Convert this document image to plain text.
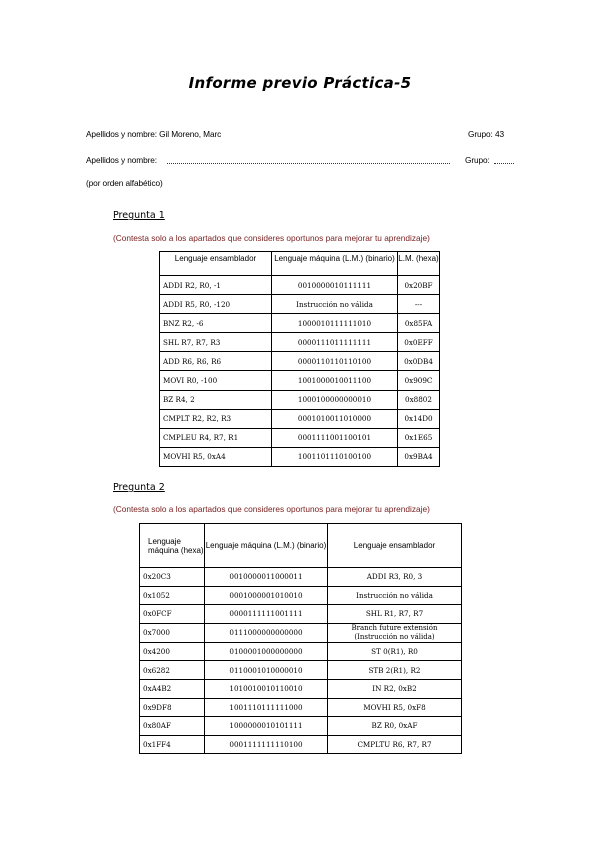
Informe previo Práctica-5
Apellidos y nombre: Gil Moreno, Marc	Grupo: 43
Apellidos y nombre:	Grupo:
(por orden alfabético)
Pregunta 1
(Contesta solo a los apartados que consideres oportunos para mejorar tu aprendizaje)
Lenguaje ensamblador	Lenguaje máquina (L.M.) (binario)	L.M. (hexa)
ADDI R2, R0, -1	0010000010111111	0x20BF
ADDI R5, R0, -120	Instrucción no válida	---
BNZ R2, -6	1000010111111010	0x85FA
SHL R7, R7, R3	0000111011111111	0x0EFF
ADD R6, R6, R6	0000110110110100	0x0DB4
MOVI R0, -100	1001000010011100	0x909C
BZ R4, 2	1000100000000010	0x8802
CMPLT R2, R2, R3	0001010011010000	0x14D0
CMPLEU R4, R7, R1	0001111001100101	0x1E65
MOVHI R5, 0xA4	1001101110100100	0x9BA4
Pregunta 2
(Contesta solo a los apartados que consideres oportunos para mejorar tu aprendizaje)
Lenguaje máquina (hexa)	Lenguaje máquina (L.M.) (binario)	Lenguaje ensamblador
0x20C3	0010000011000011	ADDI R3, R0, 3
0x1052	0001000001010010	Instrucción no válida
0x0FCF	0000111111001111	SHL R1, R7, R7
0x7000	0111000000000000	Branch future extensión
(Instrucción no válida)

0x4200	0100001000000000	ST 0(R1), R0
0x6282	0110001010000010	STB 2(R1), R2
0xA4B2	1010010010110010	IN R2, 0xB2
0x9DF8	1001110111111000	MOVHI R5, 0xF8
0x80AF	1000000010101111	BZ R0, 0xAF
0x1FF4	0001111111110100	CMPLTU R6, R7, R7
